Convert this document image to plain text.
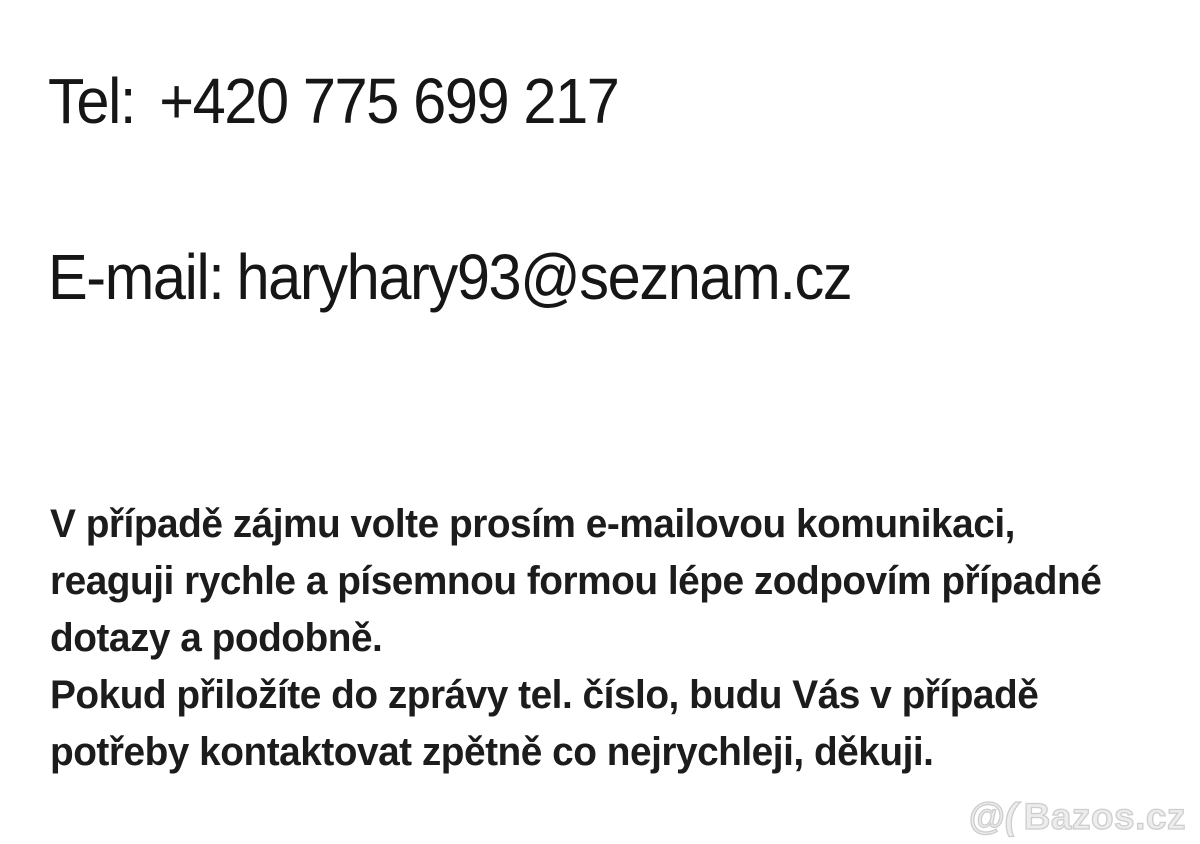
Tel: +420 775 699 217
E-mail: haryhary93@seznam.cz
V případě zájmu volte prosím e-mailovou komunikaci,
reaguji rychle a písemnou formou lépe zodpovím případné
dotazy a podobně.
Pokud přiložíte do zprávy tel. číslo, budu Vás v případě
potřeby kontaktovat zpětně co nejrychleji, děkuji.
@( Bazos.cz
